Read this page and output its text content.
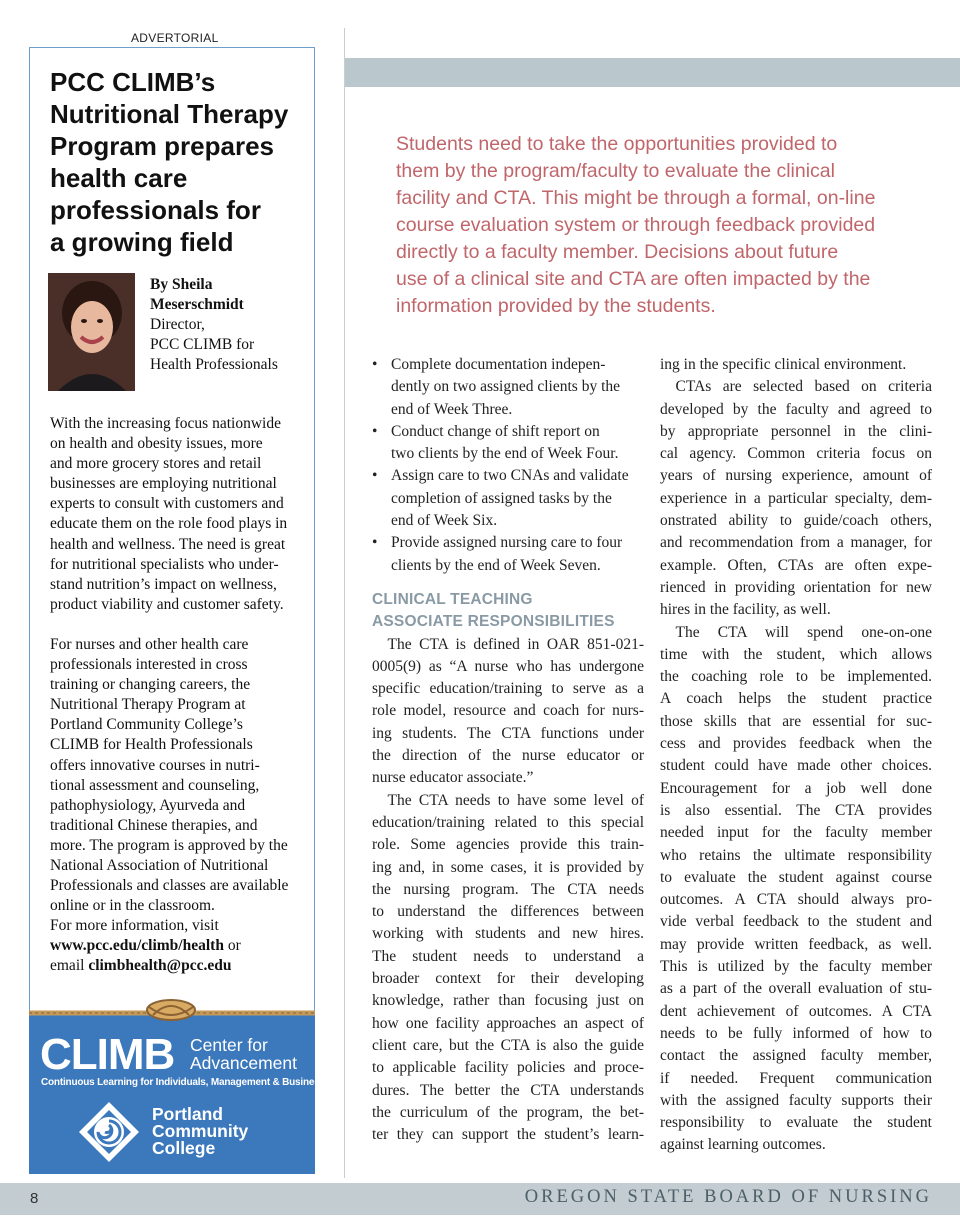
ADVERTORIAL
PCC CLIMB’s
Nutritional Therapy
Program prepares
health care
professionals for
a growing field
By Sheila
Meserschmidt
Director,
PCC CLIMB for
Health Professionals
With the increasing focus nationwide
on health and obesity issues, more
and more grocery stores and retail
businesses are employing nutritional
experts to consult with customers and
educate them on the role food plays in
health and wellness. The need is great
for nutritional specialists who under-
stand nutrition’s impact on wellness,
product viability and customer safety.
For nurses and other health care
professionals interested in cross
training or changing careers, the
Nutritional Therapy Program at
Portland Community College’s
CLIMB for Health Professionals
offers innovative courses in nutri-
tional assessment and counseling,
pathophysiology, Ayurveda and
traditional Chinese therapies, and
more. The program is approved by the
National Association of Nutritional
Professionals and classes are available
online or in the classroom.
For more information, visit
www.pcc.edu/climb/health or
email climbhealth@pcc.edu
CLIMB Center for
Advancement
Continuous Learning for Individuals, Management & Business
Portland
Community
College
Students need to take the opportunities provided to
them by the program/faculty to evaluate the clinical
facility and CTA. This might be through a formal, on-line
course evaluation system or through feedback provided
directly to a faculty member. Decisions about future
use of a clinical site and CTA are often impacted by the
information provided by the students.
• Complete documentation indepen-
dently on two assigned clients by the
end of Week Three.
• Conduct change of shift report on
two clients by the end of Week Four.
• Assign care to two CNAs and validate
completion of assigned tasks by the
end of Week Six.
• Provide assigned nursing care to four
clients by the end of Week Seven.
CLINICAL TEACHING
ASSOCIATE RESPONSIBILITIES
 The CTA is defined in OAR 851-021-
0005(9) as “A nurse who has undergone
specific education/training to serve as a
role model, resource and coach for nurs-
ing students. The CTA functions under
the direction of the nurse educator or
nurse educator associate.”
 The CTA needs to have some level of
education/training related to this special
role. Some agencies provide this train-
ing and, in some cases, it is provided by
the nursing program. The CTA needs
to understand the differences between
working with students and new hires.
The student needs to understand a
broader context for their developing
knowledge, rather than focusing just on
how one facility approaches an aspect of
client care, but the CTA is also the guide
to applicable facility policies and proce-
dures. The better the CTA understands
the curriculum of the program, the bet-
ter they can support the student’s learn-
ing in the specific clinical environment.
 CTAs are selected based on criteria
developed by the faculty and agreed to
by appropriate personnel in the clini-
cal agency. Common criteria focus on
years of nursing experience, amount of
experience in a particular specialty, dem-
onstrated ability to guide/coach others,
and recommendation from a manager, for
example. Often, CTAs are often expe-
rienced in providing orientation for new
hires in the facility, as well.
 The CTA will spend one-on-one
time with the student, which allows
the coaching role to be implemented.
A coach helps the student practice
those skills that are essential for suc-
cess and provides feedback when the
student could have made other choices.
Encouragement for a job well done
is also essential. The CTA provides
needed input for the faculty member
who retains the ultimate responsibility
to evaluate the student against course
outcomes. A CTA should always pro-
vide verbal feedback to the student and
may provide written feedback, as well.
This is utilized by the faculty member
as a part of the overall evaluation of stu-
dent achievement of outcomes. A CTA
needs to be fully informed of how to
contact the assigned faculty member,
if needed. Frequent communication
with the assigned faculty supports their
responsibility to evaluate the student
against learning outcomes.
8	OREGON STATE BOARD OF NURSING
